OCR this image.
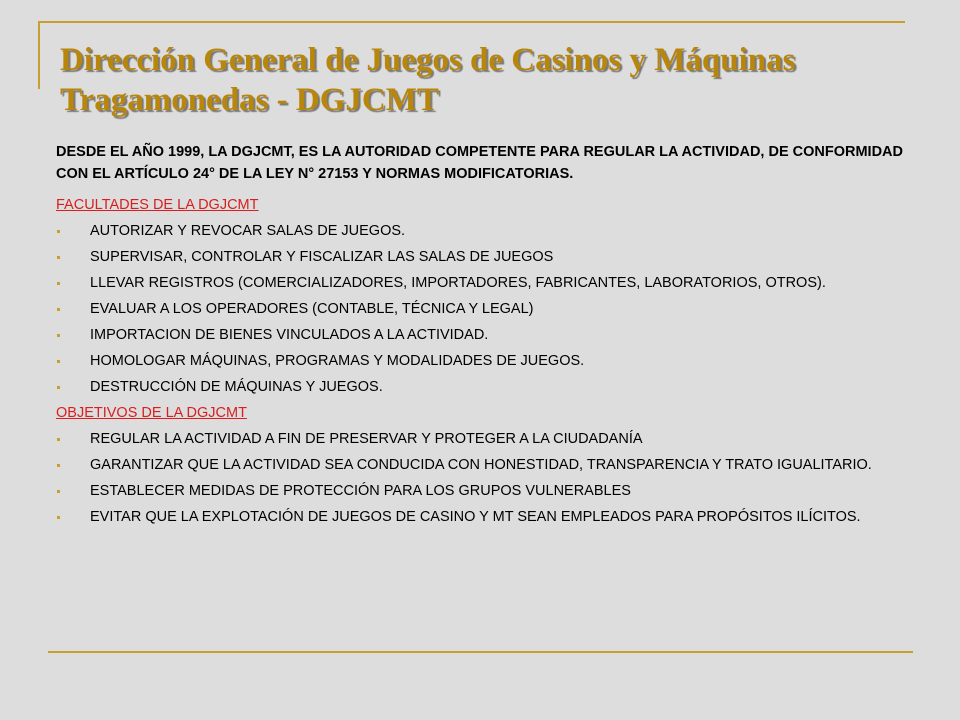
Dirección General de Juegos de Casinos y Máquinas Tragamonedas - DGJCMT

DESDE EL AÑO 1999, LA DGJCMT, ES LA AUTORIDAD COMPETENTE PARA REGULAR LA ACTIVIDAD, DE CONFORMIDAD CON EL ARTÍCULO 24° DE LA LEY N° 27153 Y NORMAS MODIFICATORIAS.

FACULTADES DE LA DGJCMT
AUTORIZAR Y REVOCAR SALAS DE JUEGOS.
SUPERVISAR, CONTROLAR Y FISCALIZAR LAS SALAS DE JUEGOS
LLEVAR REGISTROS (COMERCIALIZADORES, IMPORTADORES, FABRICANTES, LABORATORIOS, OTROS).
EVALUAR A LOS OPERADORES (CONTABLE, TÉCNICA Y LEGAL)
IMPORTACION DE BIENES VINCULADOS A LA ACTIVIDAD.
HOMOLOGAR MÁQUINAS, PROGRAMAS Y MODALIDADES DE JUEGOS.
DESTRUCCIÓN DE MÁQUINAS Y JUEGOS.
OBJETIVOS DE LA DGJCMT
REGULAR LA ACTIVIDAD A FIN DE PRESERVAR Y PROTEGER A LA CIUDADANÍA
GARANTIZAR QUE LA ACTIVIDAD SEA CONDUCIDA CON HONESTIDAD, TRANSPARENCIA Y TRATO IGUALITARIO.
ESTABLECER MEDIDAS DE PROTECCIÓN PARA LOS GRUPOS VULNERABLES
EVITAR QUE LA EXPLOTACIÓN DE JUEGOS DE CASINO Y MT SEAN EMPLEADOS PARA PROPÓSITOS ILÍCITOS.
